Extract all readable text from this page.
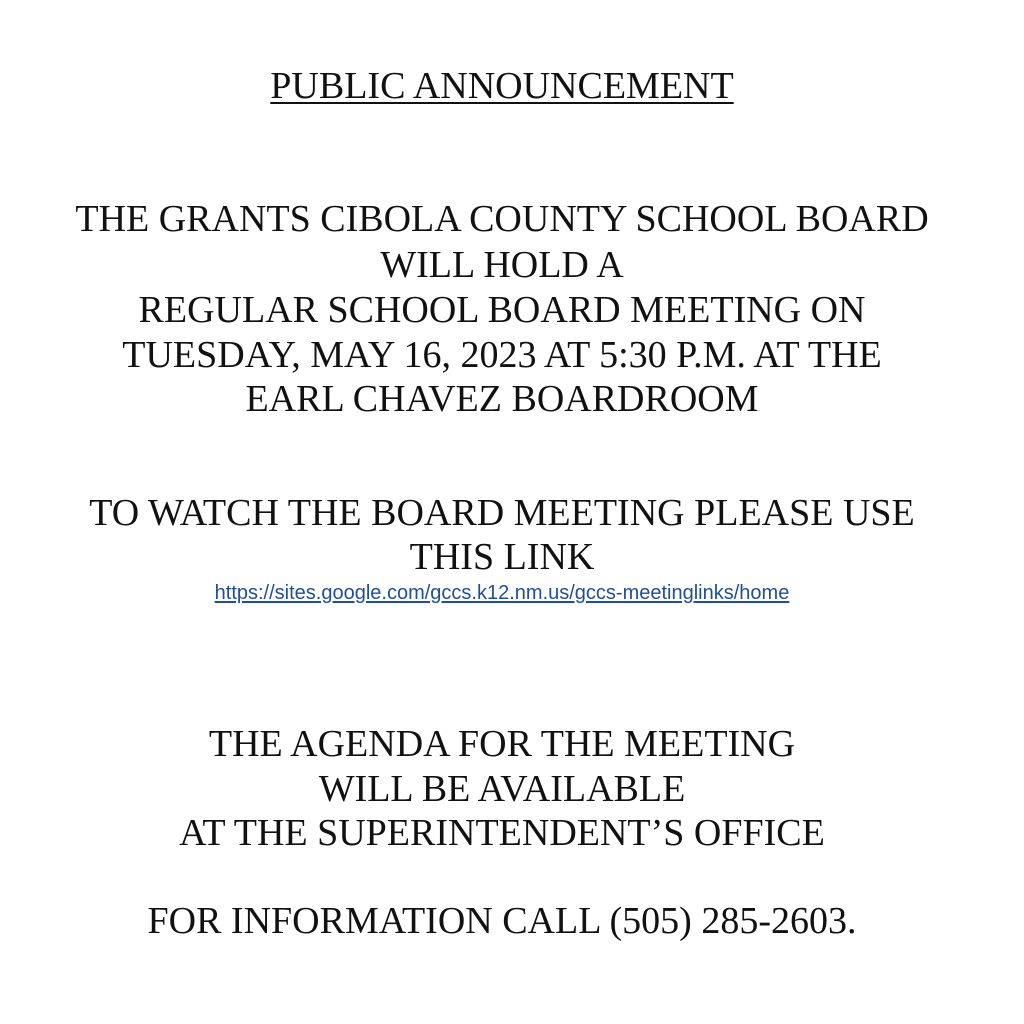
PUBLIC ANNOUNCEMENT
THE GRANTS CIBOLA COUNTY SCHOOL BOARD
WILL HOLD A
REGULAR SCHOOL BOARD MEETING ON
TUESDAY, MAY 16, 2023 AT 5:30 P.M. AT THE
EARL CHAVEZ BOARDROOM
TO WATCH THE BOARD MEETING PLEASE USE
THIS LINK
https://sites.google.com/gccs.k12.nm.us/gccs-meetinglinks/home
THE AGENDA FOR THE MEETING
WILL BE AVAILABLE
AT THE SUPERINTENDENT’S OFFICE
FOR INFORMATION CALL (505) 285-2603.
